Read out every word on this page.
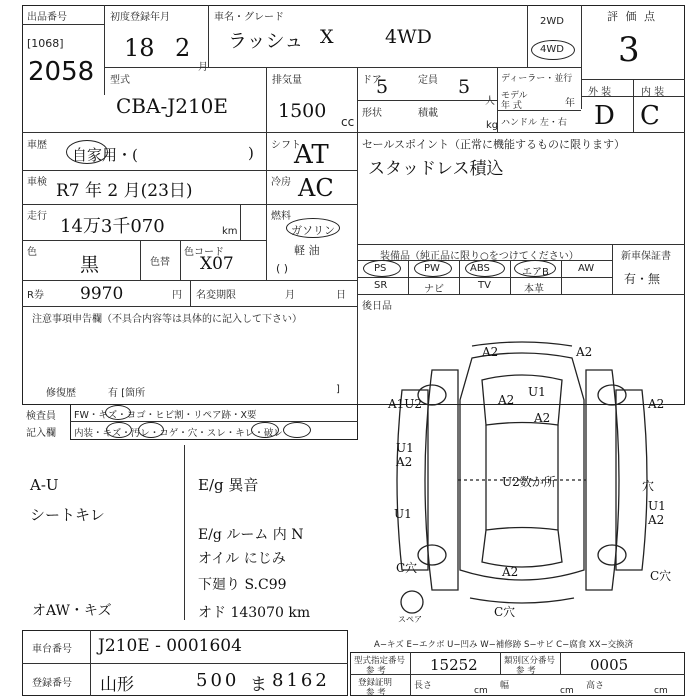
出品番号
[1068]
2058
初度登録年月
18 2
月
車名・グレード
ラッシュ X	4WD
2WD
4WD
評 価 点
3
型式
CBA-J210E
排気量
1500 cc
ドア
5	定員 5
人
形状	積載
kg
ディーラー・並行
モデル
年 式	年
ハンドル 左・右
外 装	内 装
D C
車歴
自家用・(	)
車検 R7 年 2 月(23日)
走行 14万3千070	km
色
黒	色替
色コード
X07
シフト
AT
冷房 AC
燃料
ガソリン
軽 油
( )
R券 9970	円 名変期限	月	日
セールスポイント（正常に機能するものに限ります）
スタッドレス積込
装備品（純正品に限り○をつけてください）	新車保証書
有・無
PS	PW	ABS	エアB	AW
SR	ナビ	TV	本革
後日品
注意事項申告欄（不具合内容等は具体的に記入して下さい）
修復歴	有 [箇所	]
検査員
記入欄
FW・キズ・ヨゴ・ヒビ割・リペア跡・X要
内装・キズ・汚レ・コゲ・穴・スレ・キレ・破レ
A-U
シートキレ
オAW・キズ
E/g 異音
E/g ルーム 内 N
オイル にじみ
下廻り S.C99
オド 143070 km
A2	A2
A1U2
U1
A2	A2
A2
U1
A2
U2数か所	穴
U1
A2
U1
C穴	A2	C穴
C穴
スペア
車台番号 J210E - 0001604
登録番号 山形	500 ま 8162
A−キズ E−エクボ U−凹み W−補修跡 S−サビ C−腐食 XX−交換済
型式指定番号
参 考	15252	類別区分番号
参 考	0005
登録証明
参 考
長さ	cm 幅	cm 高さ	cm
